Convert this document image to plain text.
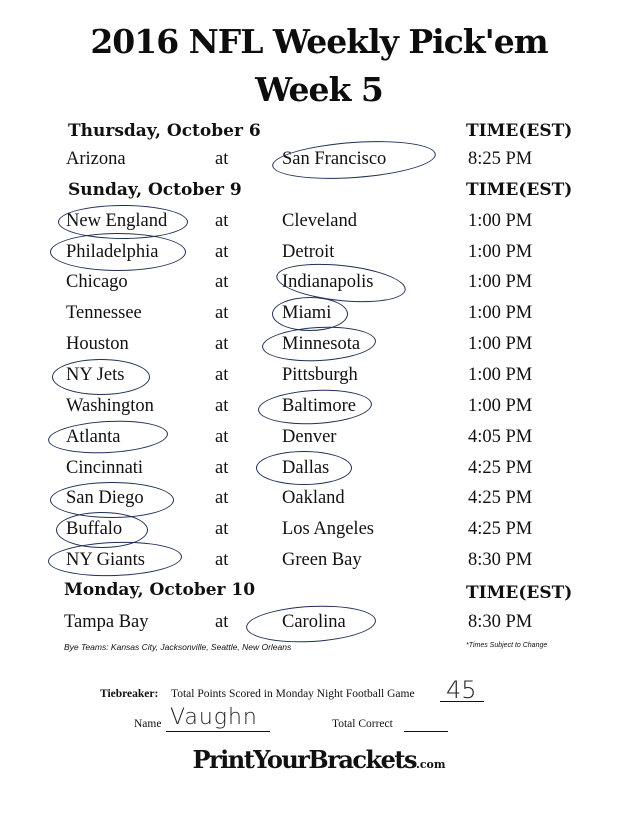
2016 NFL Weekly Pick'em
Week 5
Thursday, October 6	TIME(EST)
Arizona	at	San Francisco	8:25 PM
Sunday, October 9	TIME(EST)
New England	at	Cleveland	1:00 PM
Philadelphia	at	Detroit	1:00 PM
Chicago	at	Indianapolis	1:00 PM
Tennessee	at	Miami	1:00 PM
Houston	at	Minnesota	1:00 PM
NY Jets	at	Pittsburgh	1:00 PM
Washington	at	Baltimore	1:00 PM
Atlanta	at	Denver	4:05 PM
Cincinnati	at	Dallas	4:25 PM
San Diego	at	Oakland	4:25 PM
Buffalo	at	Los Angeles	4:25 PM
NY Giants	at	Green Bay	8:30 PM
Monday, October 10	TIME(EST)
Tampa Bay	at	Carolina	8:30 PM
Bye Teams: Kansas City, Jacksonville, Seattle, New Orleans	*Times Subject to Change
Tiebreaker: Total Points Scored in Monday Night Football Game 45
Name Vaughn	Total Correct
PrintYourBrackets.com
